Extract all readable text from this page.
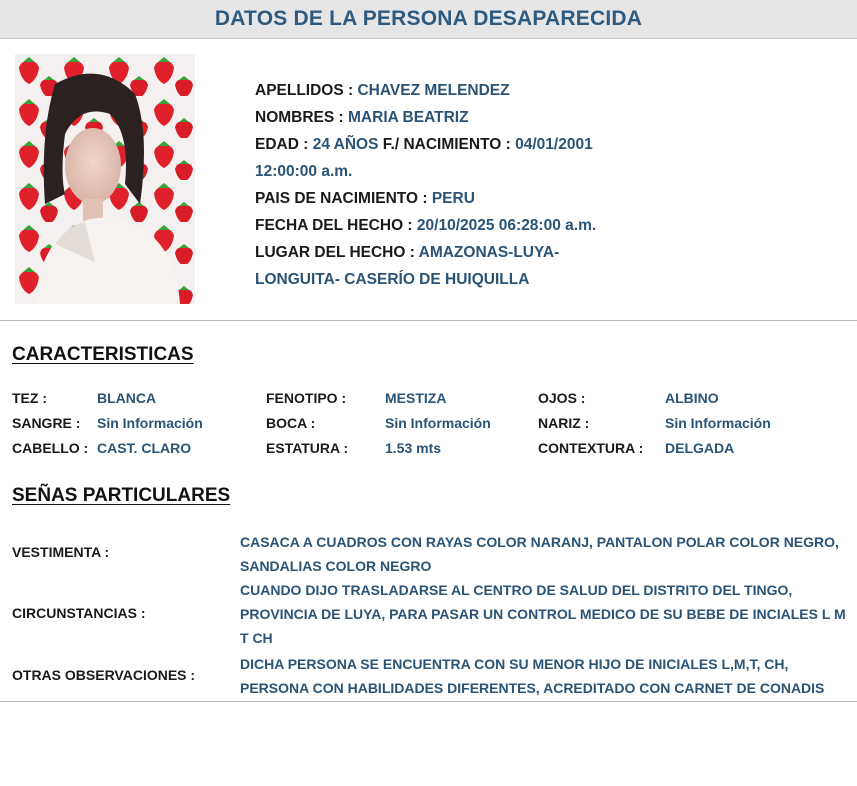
DATOS DE LA PERSONA DESAPARECIDA
APELLIDOS : CHAVEZ MELENDEZ
NOMBRES : MARIA BEATRIZ
EDAD : 24 AÑOS F./ NACIMIENTO : 04/01/2001
12:00:00 a.m.
PAIS DE NACIMIENTO : PERU
FECHA DEL HECHO : 20/10/2025 06:28:00 a.m.
LUGAR DEL HECHO : AMAZONAS-LUYA-
LONGUITA- CASERÍO DE HUIQUILLA
CARACTERISTICAS
TEZ :	BLANCA	FENOTIPO :	MESTIZA	OJOS :	ALBINO
SANGRE : Sin Información	BOCA :	Sin Información	NARIZ :	Sin Información
CABELLO : CAST. CLARO	ESTATURA :	1.53 mts	CONTEXTURA : DELGADA
SEÑAS PARTICULARES
VESTIMENTA :
CASACA A CUADROS CON RAYAS COLOR NARANJ, PANTALON POLAR COLOR NEGRO, SANDALIAS COLOR NEGRO
CIRCUNSTANCIAS :
CUANDO DIJO TRASLADARSE AL CENTRO DE SALUD DEL DISTRITO DEL TINGO, PROVINCIA DE LUYA, PARA PASAR UN CONTROL MEDICO DE SU BEBE DE INCIALES L M T CH
OTRAS OBSERVACIONES :
DICHA PERSONA SE ENCUENTRA CON SU MENOR HIJO DE INICIALES L,M,T, CH, PERSONA CON HABILIDADES DIFERENTES, ACREDITADO CON CARNET DE CONADIS
